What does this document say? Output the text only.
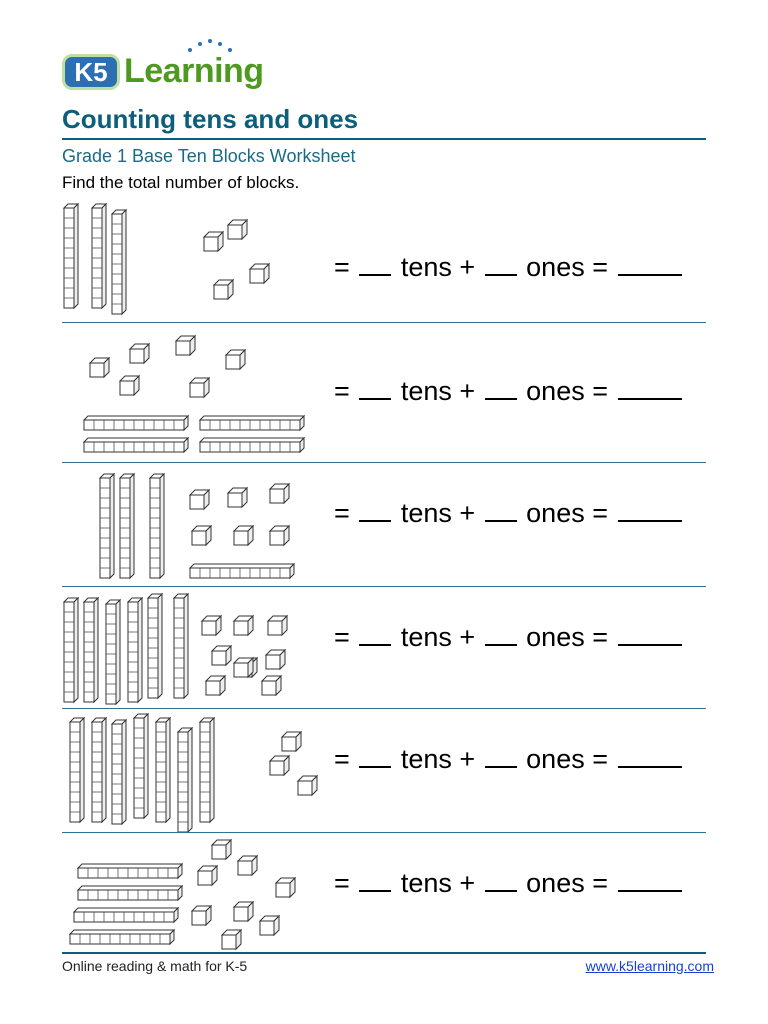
K5 Learning
Counting tens and ones
Grade 1 Base Ten Blocks Worksheet
Find the total number of blocks.
= tens + ones =
= tens + ones =
= tens + ones =
= tens + ones =
= tens + ones =
= tens + ones =
Online reading & math for K-5	www.k5learning.com
